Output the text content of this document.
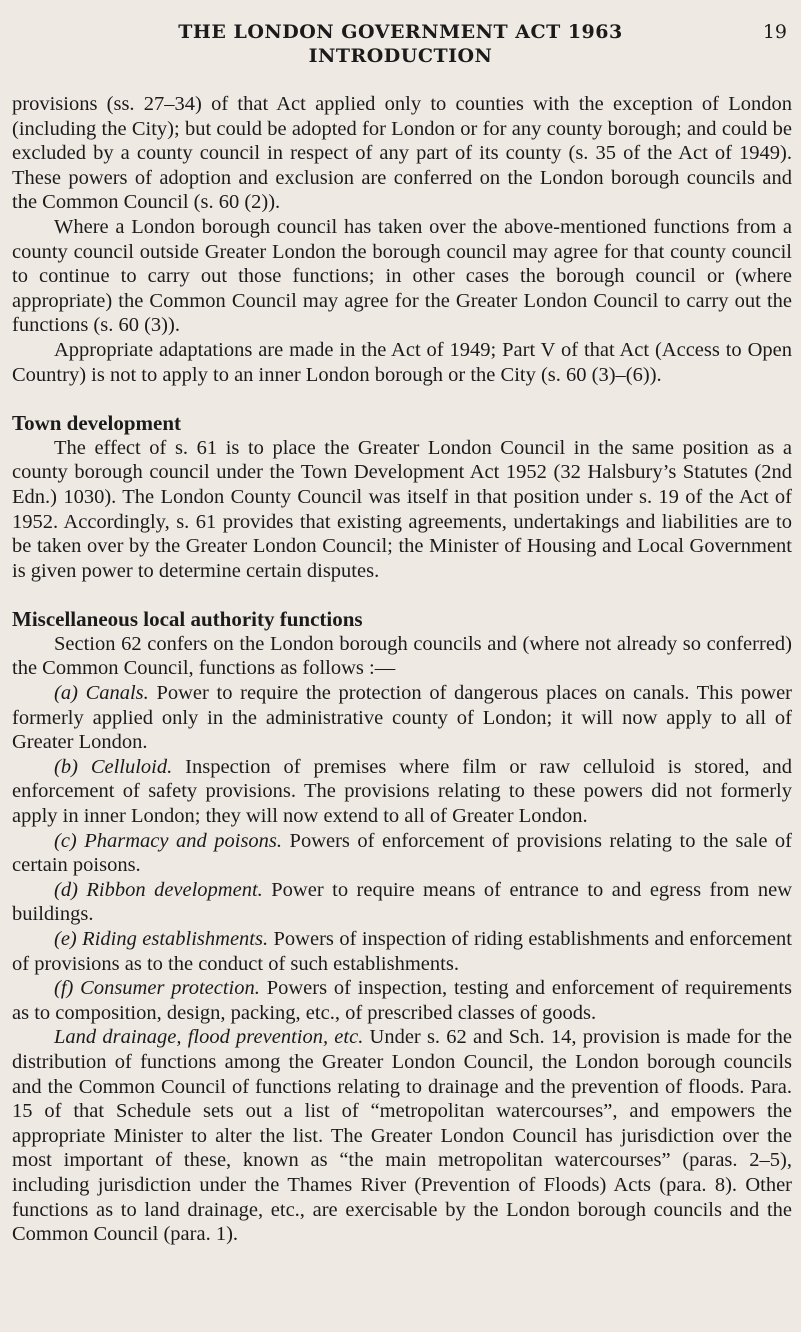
THE LONDON GOVERNMENT ACT 1963	19
INTRODUCTION

provisions (ss. 27–34) of that Act applied only to counties with the exception of London (including the City); but could be adopted for London or for any county borough; and could be excluded by a county council in respect of any part of its county (s. 35 of the Act of 1949). These powers of adoption and exclusion are conferred on the London borough councils and the Common Council (s. 60 (2)).

Where a London borough council has taken over the above-mentioned functions from a county council outside Greater London the borough council may agree for that county council to continue to carry out those functions; in other cases the borough council or (where appropriate) the Common Council may agree for the Greater London Council to carry out the functions (s. 60 (3)).

Appropriate adaptations are made in the Act of 1949; Part V of that Act (Access to Open Country) is not to apply to an inner London borough or the City (s. 60 (3)–(6)).

Town development

The effect of s. 61 is to place the Greater London Council in the same position as a county borough council under the Town Development Act 1952 (32 Halsbury’s Statutes (2nd Edn.) 1030). The London County Council was itself in that position under s. 19 of the Act of 1952. Accordingly, s. 61 provides that existing agreements, undertakings and liabilities are to be taken over by the Greater London Council; the Minister of Housing and Local Government is given power to determine certain disputes.

Miscellaneous local authority functions

Section 62 confers on the London borough councils and (where not already so conferred) the Common Council, functions as follows :—

(a) Canals. Power to require the protection of dangerous places on canals. This power formerly applied only in the administrative county of London; it will now apply to all of Greater London.

(b) Celluloid. Inspection of premises where film or raw celluloid is stored, and enforcement of safety provisions. The provisions relating to these powers did not formerly apply in inner London; they will now extend to all of Greater London.

(c) Pharmacy and poisons. Powers of enforcement of provisions relating to the sale of certain poisons.

(d) Ribbon development. Power to require means of entrance to and egress from new buildings.

(e) Riding establishments. Powers of inspection of riding establishments and enforcement of provisions as to the conduct of such establishments.

(f) Consumer protection. Powers of inspection, testing and enforcement of requirements as to composition, design, packing, etc., of prescribed classes of goods.

Land drainage, flood prevention, etc. Under s. 62 and Sch. 14, provision is made for the distribution of functions among the Greater London Council, the London borough councils and the Common Council of functions relating to drainage and the prevention of floods. Para. 15 of that Schedule sets out a list of “metropolitan watercourses”, and empowers the appropriate Minister to alter the list. The Greater London Council has jurisdiction over the most important of these, known as “the main metropolitan watercourses” (paras. 2–5), including jurisdiction under the Thames River (Prevention of Floods) Acts (para. 8). Other functions as to land drainage, etc., are exercisable by the London borough councils and the Common Council (para. 1).
